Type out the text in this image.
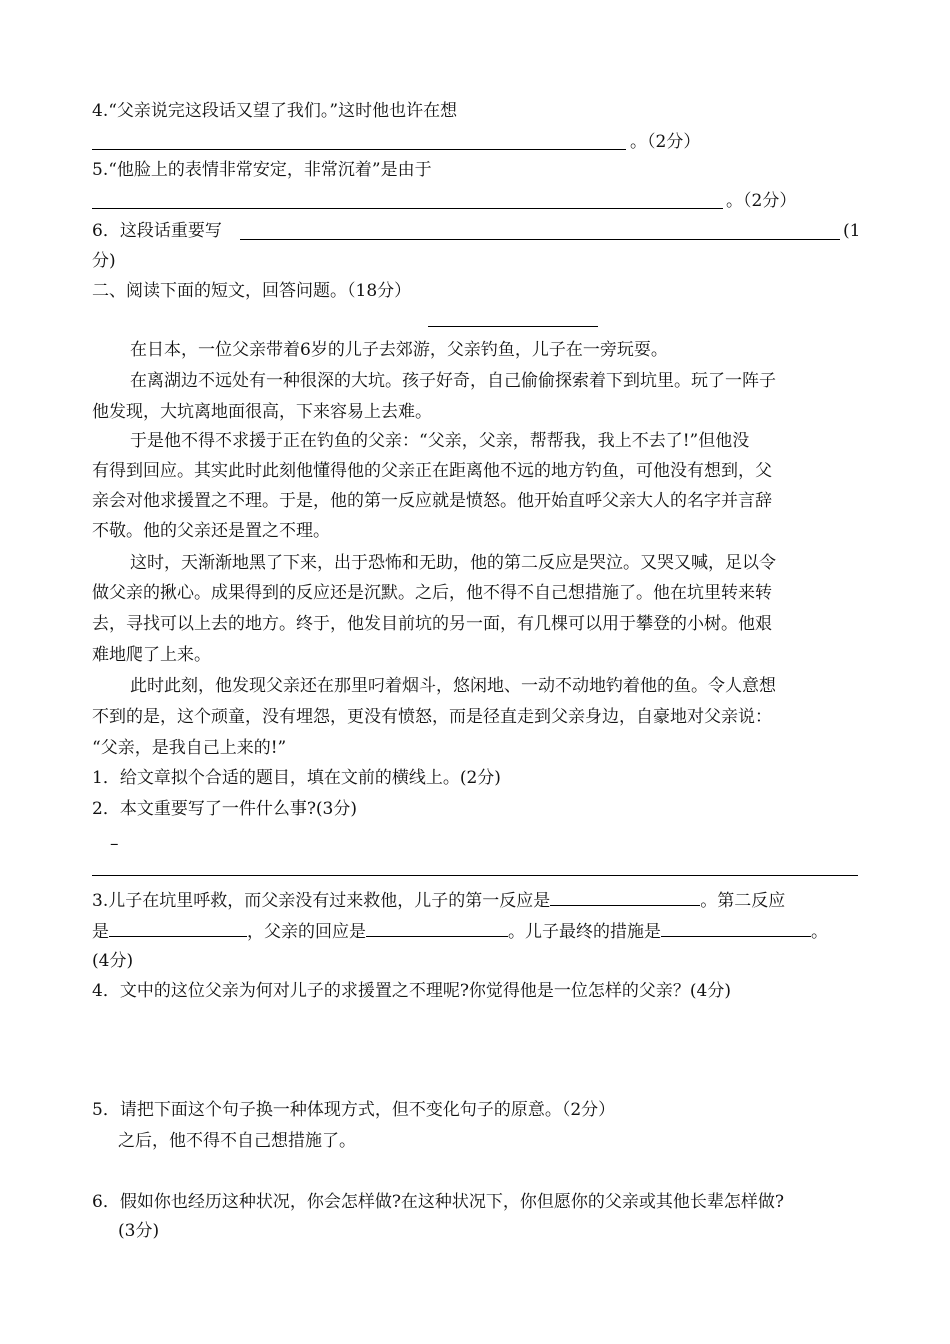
4.“父亲说完这段话又望了我们。”这时他也许在想
。（2分）
5.“他脸上的表情非常安定，非常沉着”是由于
。（2分）
6．这段话重要写	(1
分)
二、阅读下面的短文，回答问题。（18分）
在日本，一位父亲带着6岁的儿子去郊游，父亲钓鱼，儿子在一旁玩耍。
在离湖边不远处有一种很深的大坑。孩子好奇，自己偷偷探索着下到坑里。玩了一阵子
他发现，大坑离地面很高，下来容易上去难。
于是他不得不求援于正在钓鱼的父亲：“父亲，父亲，帮帮我，我上不去了!”但他没
有得到回应。其实此时此刻他懂得他的父亲正在距离他不远的地方钓鱼，可他没有想到，父
亲会对他求援置之不理。于是，他的第一反应就是愤怒。他开始直呼父亲大人的名字并言辞
不敬。他的父亲还是置之不理。
这时，天渐渐地黑了下来，出于恐怖和无助，他的第二反应是哭泣。又哭又喊，足以令
做父亲的揪心。成果得到的反应还是沉默。之后，他不得不自己想措施了。他在坑里转来转
去，寻找可以上去的地方。终于，他发目前坑的另一面，有几棵可以用于攀登的小树。他艰
难地爬了上来。
此时此刻，他发现父亲还在那里叼着烟斗，悠闲地、一动不动地钓着他的鱼。令人意想
不到的是，这个顽童，没有埋怨，更没有愤怒，而是径直走到父亲身边，自豪地对父亲说：
“父亲，是我自己上来的!”
1．给文章拟个合适的题目，填在文前的横线上。(2分)
2．本文重要写了一件什么事?(3分)
–
3.儿子在坑里呼救，而父亲没有过来救他，儿子的第一反应是	。第二反应
是	，父亲的回应是	。儿子最终的措施是	。
(4分)
4．文中的这位父亲为何对儿子的求援置之不理呢?你觉得他是一位怎样的父亲？(4分)
5．请把下面这个句子换一种体现方式，但不变化句子的原意。（2分）
之后，他不得不自己想措施了。
6．假如你也经历这种状况，你会怎样做?在这种状况下，你但愿你的父亲或其他长辈怎样做?
(3分)
